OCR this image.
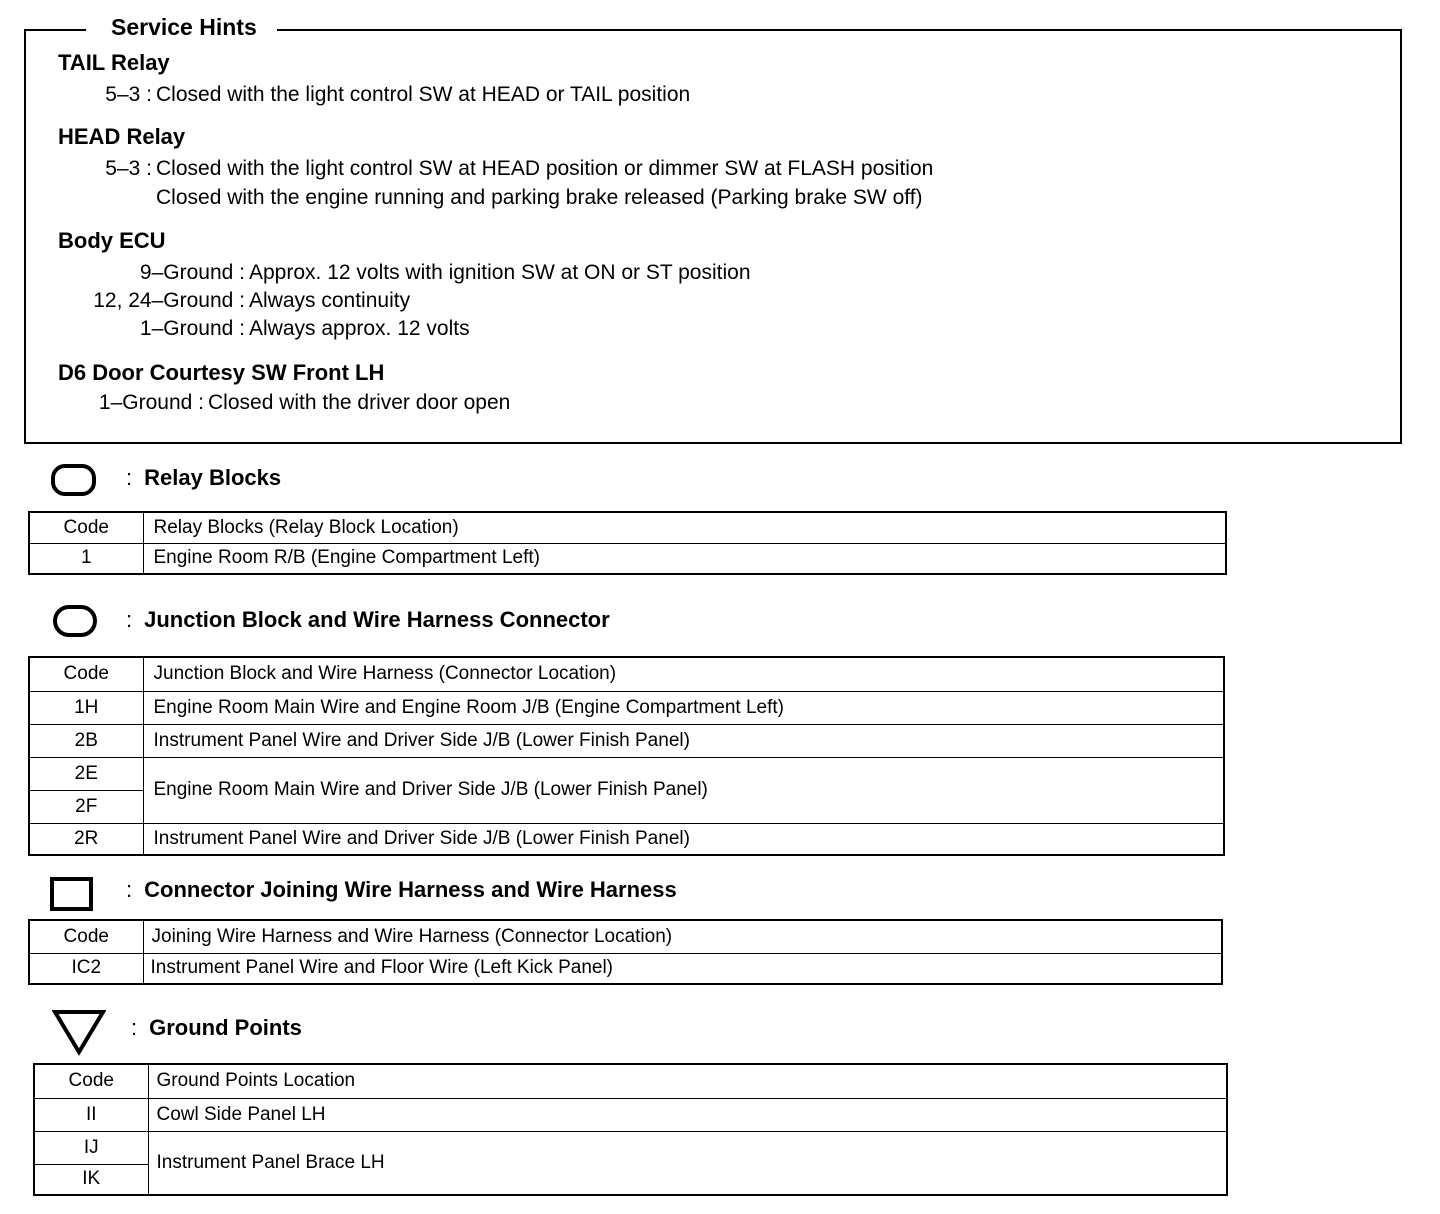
Service Hints
TAIL Relay
5–3 : Closed with the light control SW at HEAD or TAIL position
HEAD Relay
5–3 : Closed with the light control SW at HEAD position or dimmer SW at FLASH position
Closed with the engine running and parking brake released (Parking brake SW off)
Body ECU
9–Ground : Approx. 12 volts with ignition SW at ON or ST position
12, 24–Ground : Always continuity
1–Ground : Always approx. 12 volts
D6 Door Courtesy SW Front LH
1–Ground : Closed with the driver door open
: Relay Blocks
Code	Relay Blocks (Relay Block Location)
1	Engine Room R/B (Engine Compartment Left)
: Junction Block and Wire Harness Connector
Code	Junction Block and Wire Harness (Connector Location)
1H	Engine Room Main Wire and Engine Room J/B (Engine Compartment Left)
2B	Instrument Panel Wire and Driver Side J/B (Lower Finish Panel)
2E	Engine Room Main Wire and Driver Side J/B (Lower Finish Panel)
2F	
2R	Instrument Panel Wire and Driver Side J/B (Lower Finish Panel)
: Connector Joining Wire Harness and Wire Harness
Code	Joining Wire Harness and Wire Harness (Connector Location)
IC2	Instrument Panel Wire and Floor Wire (Left Kick Panel)
: Ground Points
Code	Ground Points Location
II	Cowl Side Panel LH
IJ	Instrument Panel Brace LH
IK	
